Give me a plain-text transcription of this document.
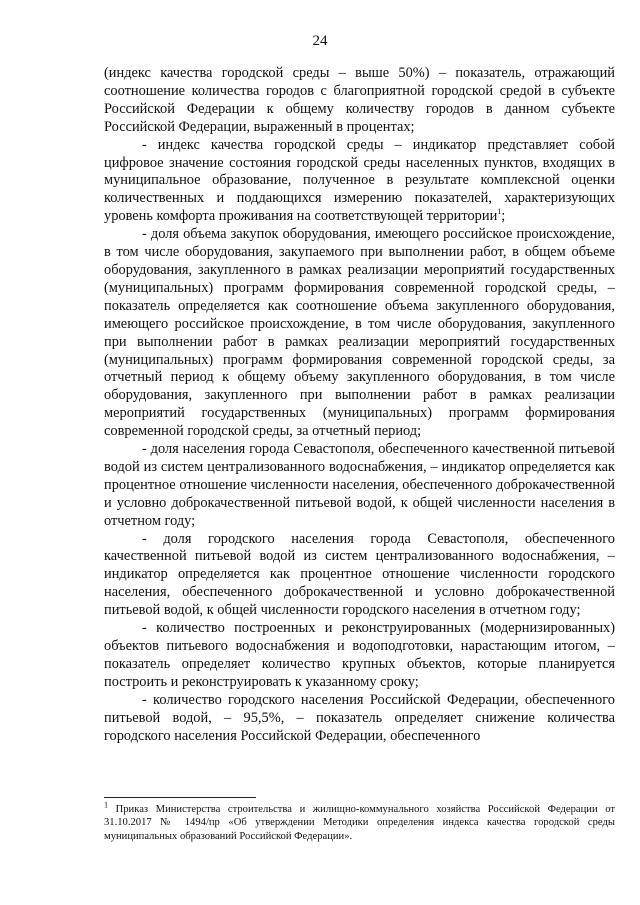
24

(индекс качества городской среды – выше 50%) – показатель, отражающий соотношение количества городов с благоприятной городской средой в субъекте Российской Федерации к общему количеству городов в данном субъекте Российской Федерации, выраженный в процентах;

- индекс качества городской среды – индикатор представляет собой цифровое значение состояния городской среды населенных пунктов, входящих в муниципальное образование, полученное в результате комплексной оценки количественных и поддающихся измерению показателей, характеризующих уровень комфорта проживания на соответствующей территории$^1$;

- доля объема закупок оборудования, имеющего российское происхождение, в том числе оборудования, закупаемого при выполнении работ, в общем объеме оборудования, закупленного в рамках реализации мероприятий государственных (муниципальных) программ формирования современной городской среды, – показатель определяется как соотношение объема закупленного оборудования, имеющего российское происхождение, в том числе оборудования, закупленного при выполнении работ в рамках реализации мероприятий государственных (муниципальных) программ формирования современной городской среды, за отчетный период к общему объему закупленного оборудования, в том числе оборудования, закупленного при выполнении работ в рамках реализации мероприятий государственных (муниципальных) программ формирования современной городской среды, за отчетный период;

- доля населения города Севастополя, обеспеченного качественной питьевой водой из систем централизованного водоснабжения, – индикатор определяется как процентное отношение численности населения, обеспеченного доброкачественной и условно доброкачественной питьевой водой, к общей численности населения в отчетном году;

- доля городского населения города Севастополя, обеспеченного качественной питьевой водой из систем централизованного водоснабжения, – индикатор определяется как процентное отношение численности городского населения, обеспеченного доброкачественной и условно доброкачественной питьевой водой, к общей численности городского населения в отчетном году;

- количество построенных и реконструированных (модернизированных) объектов питьевого водоснабжения и водоподготовки, нарастающим итогом, – показатель определяет количество крупных объектов, которые планируется построить и реконструировать к указанному сроку;

- количество городского населения Российской Федерации, обеспеченного питьевой водой, – 95,5%, – показатель определяет снижение количества городского населения Российской Федерации, обеспеченного

$^1$ Приказ Министерства строительства и жилищно-коммунального хозяйства Российской Федерации от 31.10.2017 № 1494/пр «Об утверждении Методики определения индекса качества городской среды муниципальных образований Российской Федерации».
